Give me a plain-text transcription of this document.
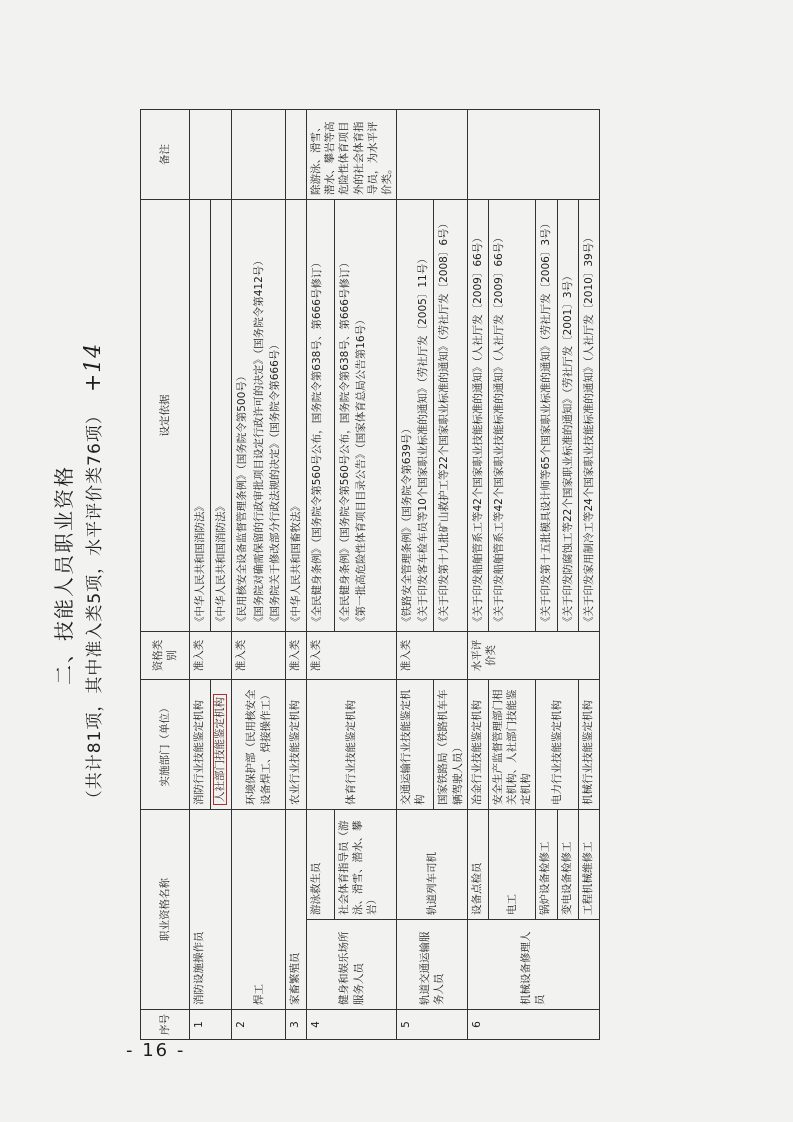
- 16 -
二、技能人员职业资格 （共计81项，其中准入类5项，水平评价类76项）+14
序号	职业资格名称		实施部门（单位）	资格类别	设定依据	备注
1	消防设施操作员		消防行业技能鉴定机构	准入类	《中华人民共和国消防法》	

			人社部门技能鉴定机构		《中华人民共和国消防法》	

2	焊工		环境保护部（民用核安全设备焊工、焊接操作工）	准入类	《民用核安全设备监督管理条例》（国务院令第500号） 《国务院对确需保留的行政审批项目设定行政许可的决定》（国务院令第412号） 《国务院关于修改部分行政法规的决定》（国务院令第666号）	

3	家畜繁殖员		农业行业技能鉴定机构	准入类	《中华人民共和国畜牧法》	

4	健身和娱乐场所服务人员	游泳救生员	体育行业技能鉴定机构	准入类	《全民健身条例》（国务院令第560号公布，国务院令第638号、第666号修订）	除游泳、滑雪、潜水、攀岩等高危险性体育项目外的社会体育指导员，为水平评价类。
		社会体育指导员（游泳、滑雪、潜水、攀岩）			《全民健身条例》（国务院令第560号公布，国务院令第638号、第666号修订） 《第一批高危险性体育项目目录公告》（国家体育总局公告第16号）	

5	轨道交通运输服务人员	轨道列车司机	交通运输行业技能鉴定机构	准入类	《铁路安全管理条例》（国务院令第639号） 《关于印发客车检车员等10个国家职业标准的通知》（劳社厅发〔2005〕11号）	

			国家铁路局（铁路机车车辆驾驶人员）		《关于印发第十九批矿山救护工等22个国家职业标准的通知》（劳社厅发〔2008〕6号）	

6	机械设备修理人员	设备点检员	冶金行业技能鉴定机构	水平评价类	《关于印发船舶管系工等42个国家职业技能标准的通知》（人社厅发〔2009〕66号）	

		电工	安全生产监督管理部门相关机构、人社部门技能鉴定机构		《关于印发船舶管系工等42个国家职业技能标准的通知》（人社厅发〔2009〕66号）	

		锅炉设备检修工	电力行业技能鉴定机构		《关于印发第十五批模具设计师等65个国家职业标准的通知》（劳社厅发〔2006〕3号）	

		变电设备检修工			《关于印发防腐蚀工等22个国家职业标准的通知》（劳社厅发〔2001〕3号）	

		工程机械维修工	机械行业技能鉴定机构		《关于印发家用制冷工等24个国家职业技能标准的通知》（人社厅发〔2010〕39号）	
